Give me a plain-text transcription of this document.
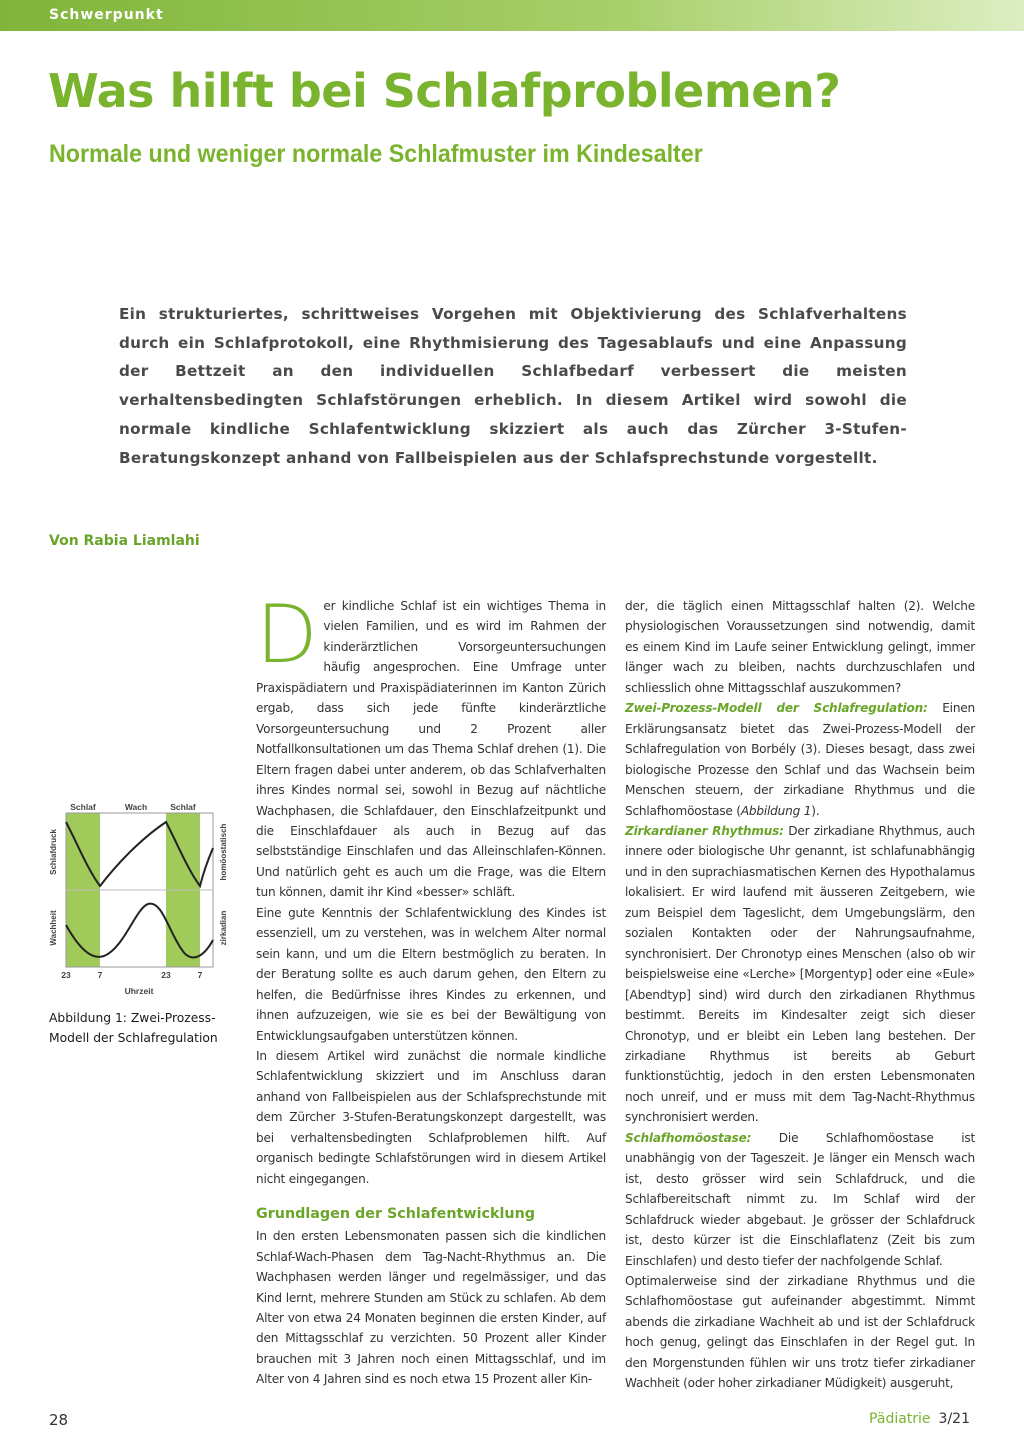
Schwerpunkt
Was hilft bei Schlafproblemen?
Normale und weniger normale Schlafmuster im Kindesalter

Ein strukturiertes, schrittweises Vorgehen mit Objektivierung des Schlafverhaltens durch ein Schlafprotokoll, eine Rhythmisierung des Tagesablaufs und eine Anpassung der Bettzeit an den individuellen Schlafbedarf verbessert die meisten verhaltensbedingten Schlafstörungen erheblich. In diesem Artikel wird sowohl die normale kindliche Schlafentwicklung skizziert als auch das Zürcher 3-Stufen-Beratungskonzept anhand von Fallbeispielen aus der Schlafsprechstunde vorgestellt.

Von Rabia Liamlahi
Schlaf	Wach	Schlaf
Schlafdruck
Wachheit
homöostatisch
zirkadian
23	7	23	7
Uhrzeit

Abbildung 1: Zwei-Prozess-Modell der Schlafregulation

Der kindliche Schlaf ist ein wichtiges Thema in vielen Familien, und es wird im Rahmen der kinderärztlichen Vorsorgeuntersuchungen häufig angesprochen. Eine Umfrage unter Praxispädiatern und Praxispädiaterinnen im Kanton Zürich ergab, dass sich jede fünfte kinderärztliche Vorsorgeuntersuchung und 2 Prozent aller Notfallkonsultationen um das Thema Schlaf drehen (1). Die Eltern fragen dabei unter anderem, ob das Schlafverhalten ihres Kindes normal sei, sowohl in Bezug auf nächtliche Wachphasen, die Schlafdauer, den Einschlafzeitpunkt und die Einschlafdauer als auch in Bezug auf das selbstständige Einschlafen und das Alleinschlafen-Können. Und natürlich geht es auch um die Frage, was die Eltern tun können, damit ihr Kind «besser» schläft.

Eine gute Kenntnis der Schlafentwicklung des Kindes ist essenziell, um zu verstehen, was in welchem Alter normal sein kann, und um die Eltern bestmöglich zu beraten. In der Beratung sollte es auch darum gehen, den Eltern zu helfen, die Bedürfnisse ihres Kindes zu erkennen, und ihnen aufzuzeigen, wie sie es bei der Bewältigung von Entwicklungsaufgaben unterstützen können.

In diesem Artikel wird zunächst die normale kindliche Schlafentwicklung skizziert und im Anschluss daran anhand von Fallbeispielen aus der Schlafsprechstunde mit dem Zürcher 3-Stufen-Beratungskonzept dargestellt, was bei verhaltensbedingten Schlafproblemen hilft. Auf organisch bedingte Schlafstörungen wird in diesem Artikel nicht eingegangen.

Grundlagen der Schlafentwicklung

In den ersten Lebensmonaten passen sich die kindlichen Schlaf-Wach-Phasen dem Tag-Nacht-Rhythmus an. Die Wachphasen werden länger und regelmässiger, und das Kind lernt, mehrere Stunden am Stück zu schlafen. Ab dem Alter von etwa 24 Monaten beginnen die ersten Kinder, auf den Mittagsschlaf zu verzichten. 50 Prozent aller Kinder brauchen mit 3 Jahren noch einen Mittagsschlaf, und im Alter von 4 Jahren sind es noch etwa 15 Prozent aller Kin-

der, die täglich einen Mittagsschlaf halten (2). Welche physiologischen Voraussetzungen sind notwendig, damit es einem Kind im Laufe seiner Entwicklung gelingt, immer länger wach zu bleiben, nachts durchzuschlafen und schliesslich ohne Mittagsschlaf auszukommen?

Zwei-Prozess-Modell der Schlafregulation: Einen Erklärungsansatz bietet das Zwei-Prozess-Modell der Schlafregulation von Borbély (3). Dieses besagt, dass zwei biologische Prozesse den Schlaf und das Wachsein beim Menschen steuern, der zirkadiane Rhythmus und die Schlafhomöostase (Abbildung 1).

Zirkardianer Rhythmus: Der zirkadiane Rhythmus, auch innere oder biologische Uhr genannt, ist schlafunabhängig und in den suprachiasmatischen Kernen des Hypothalamus lokalisiert. Er wird laufend mit äusseren Zeitgebern, wie zum Beispiel dem Tageslicht, dem Umgebungslärm, den sozialen Kontakten oder der Nahrungsaufnahme, synchronisiert. Der Chronotyp eines Menschen (also ob wir beispielsweise eine «Lerche» [Morgentyp] oder eine «Eule» [Abendtyp] sind) wird durch den zirkadianen Rhythmus bestimmt. Bereits im Kindesalter zeigt sich dieser Chronotyp, und er bleibt ein Leben lang bestehen. Der zirkadiane Rhythmus ist bereits ab Geburt funktionstüchtig, jedoch in den ersten Lebensmonaten noch unreif, und er muss mit dem Tag-Nacht-Rhythmus synchronisiert werden.

Schlafhomöostase: Die Schlafhomöostase ist unabhängig von der Tageszeit. Je länger ein Mensch wach ist, desto grösser wird sein Schlafdruck, und die Schlafbereitschaft nimmt zu. Im Schlaf wird der Schlafdruck wieder abgebaut. Je grösser der Schlafdruck ist, desto kürzer ist die Einschlaflatenz (Zeit bis zum Einschlafen) und desto tiefer der nachfolgende Schlaf.

Optimalerweise sind der zirkadiane Rhythmus und die Schlafhomöostase gut aufeinander abgestimmt. Nimmt abends die zirkadiane Wachheit ab und ist der Schlafdruck hoch genug, gelingt das Einschlafen in der Regel gut. In den Morgenstunden fühlen wir uns trotz tiefer zirkadianer Wachheit (oder hoher zirkadianer Müdigkeit) ausgeruht,

28	Pädiatrie 3/21
